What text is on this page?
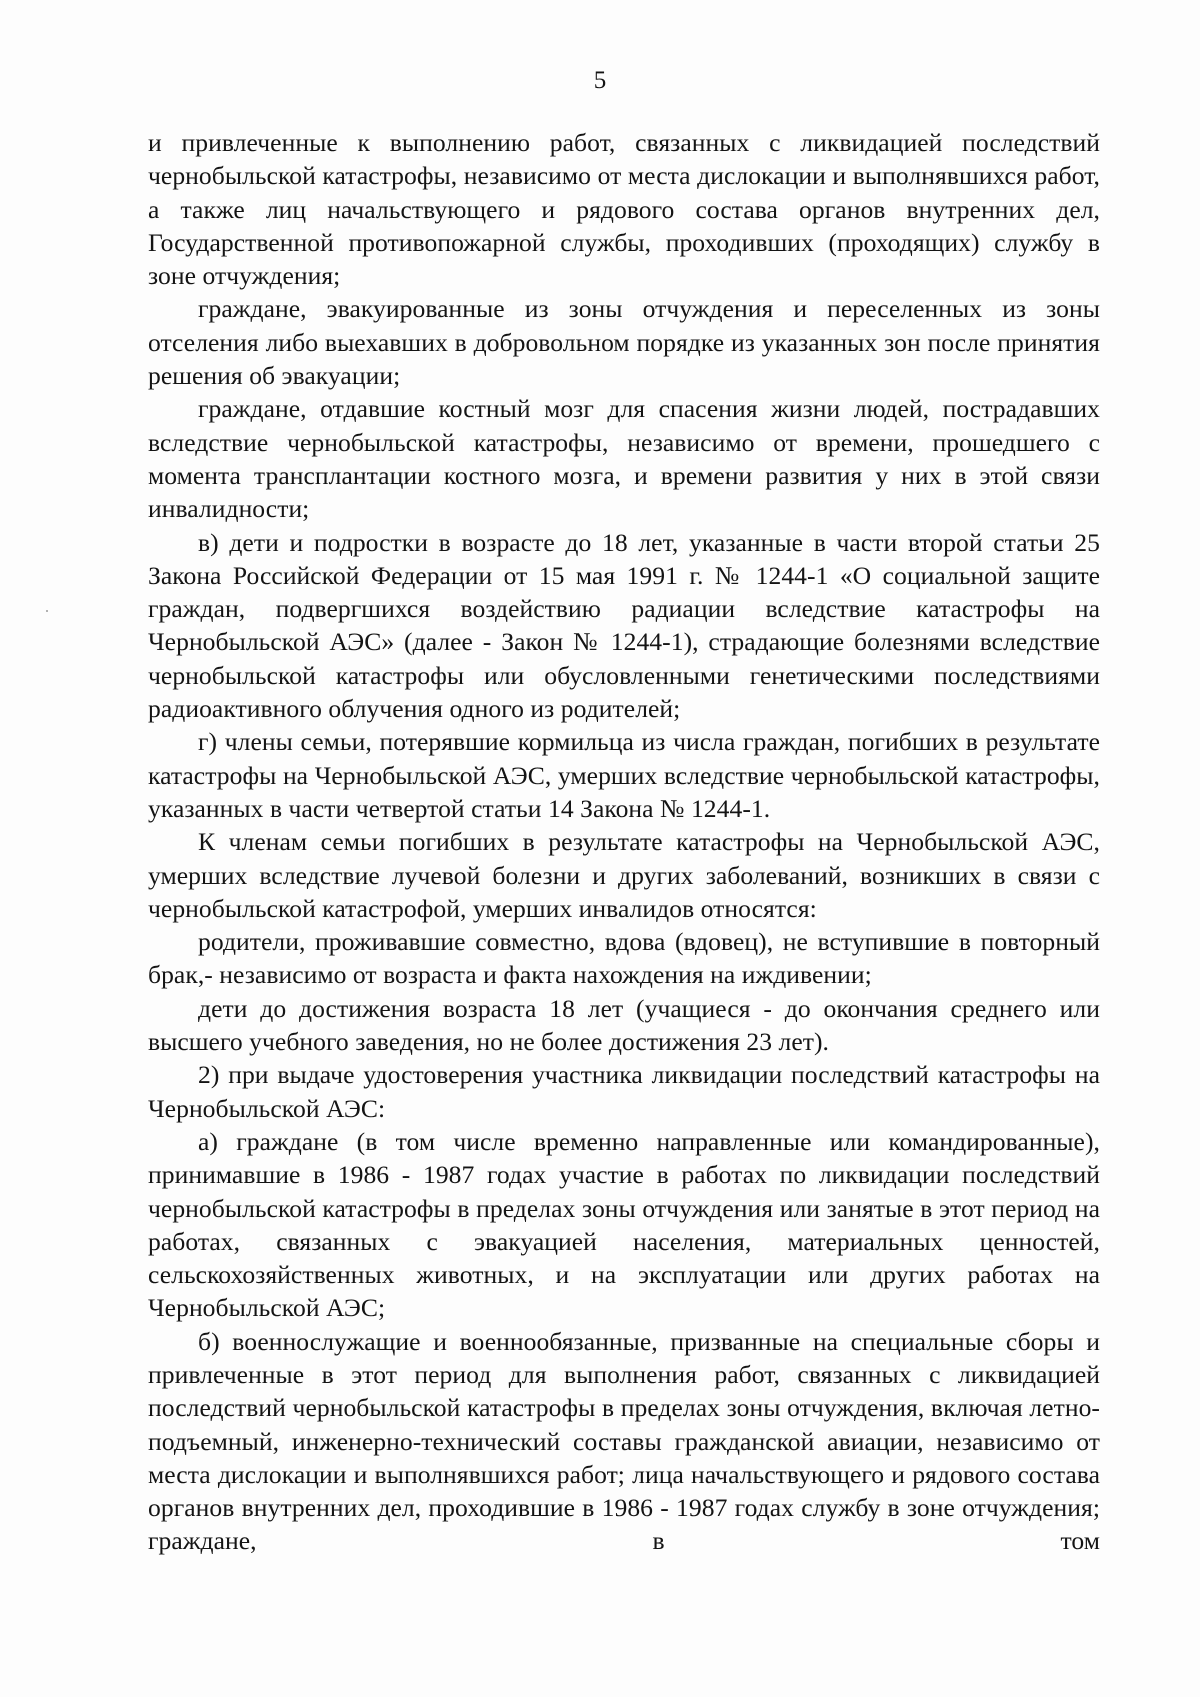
5

и привлеченные к выполнению работ, связанных с ликвидацией последствий чернобыльской катастрофы, независимо от места дислокации и выполнявшихся работ, а также лиц начальствующего и рядового состава органов внутренних дел, Государственной противопожарной службы, проходивших (проходящих) службу в зоне отчуждения;

граждане, эвакуированные из зоны отчуждения и переселенных из зоны отселения либо выехавших в добровольном порядке из указанных зон после принятия решения об эвакуации;

граждане, отдавшие костный мозг для спасения жизни людей, пострадавших вследствие чернобыльской катастрофы, независимо от времени, прошедшего с момента трансплантации костного мозга, и времени развития у них в этой связи инвалидности;

в) дети и подростки в возрасте до 18 лет, указанные в части второй статьи 25 Закона Российской Федерации от 15 мая 1991 г. № 1244-1 «О социальной защите граждан, подвергшихся воздействию радиации вследствие катастрофы на Чернобыльской АЭС» (далее - Закон № 1244-1), страдающие болезнями вследствие чернобыльской катастрофы или обусловленными генетическими последствиями радиоактивного облучения одного из родителей;

г) члены семьи, потерявшие кормильца из числа граждан, погибших в результате катастрофы на Чернобыльской АЭС, умерших вследствие чернобыльской катастрофы, указанных в части четвертой статьи 14 Закона № 1244-1.

К членам семьи погибших в результате катастрофы на Чернобыльской АЭС, умерших вследствие лучевой болезни и других заболеваний, возникших в связи с чернобыльской катастрофой, умерших инвалидов относятся:

родители, проживавшие совместно, вдова (вдовец), не вступившие в повторный брак,- независимо от возраста и факта нахождения на иждивении;

дети до достижения возраста 18 лет (учащиеся - до окончания среднего или высшего учебного заведения, но не более достижения 23 лет).

2) при выдаче удостоверения участника ликвидации последствий катастрофы на Чернобыльской АЭС:

а) граждане (в том числе временно направленные или командированные), принимавшие в 1986 - 1987 годах участие в работах по ликвидации последствий чернобыльской катастрофы в пределах зоны отчуждения или занятые в этот период на работах, связанных с эвакуацией населения, материальных ценностей, сельскохозяйственных животных, и на эксплуатации или других работах на Чернобыльской АЭС;

б) военнослужащие и военнообязанные, призванные на специальные сборы и привлеченные в этот период для выполнения работ, связанных с ликвидацией последствий чернобыльской катастрофы в пределах зоны отчуждения, включая летно-подъемный, инженерно-технический составы гражданской авиации, независимо от места дислокации и выполнявшихся работ; лица начальствующего и рядового состава органов внутренних дел, проходившие в 1986 - 1987 годах службу в зоне отчуждения; граждане, в том
